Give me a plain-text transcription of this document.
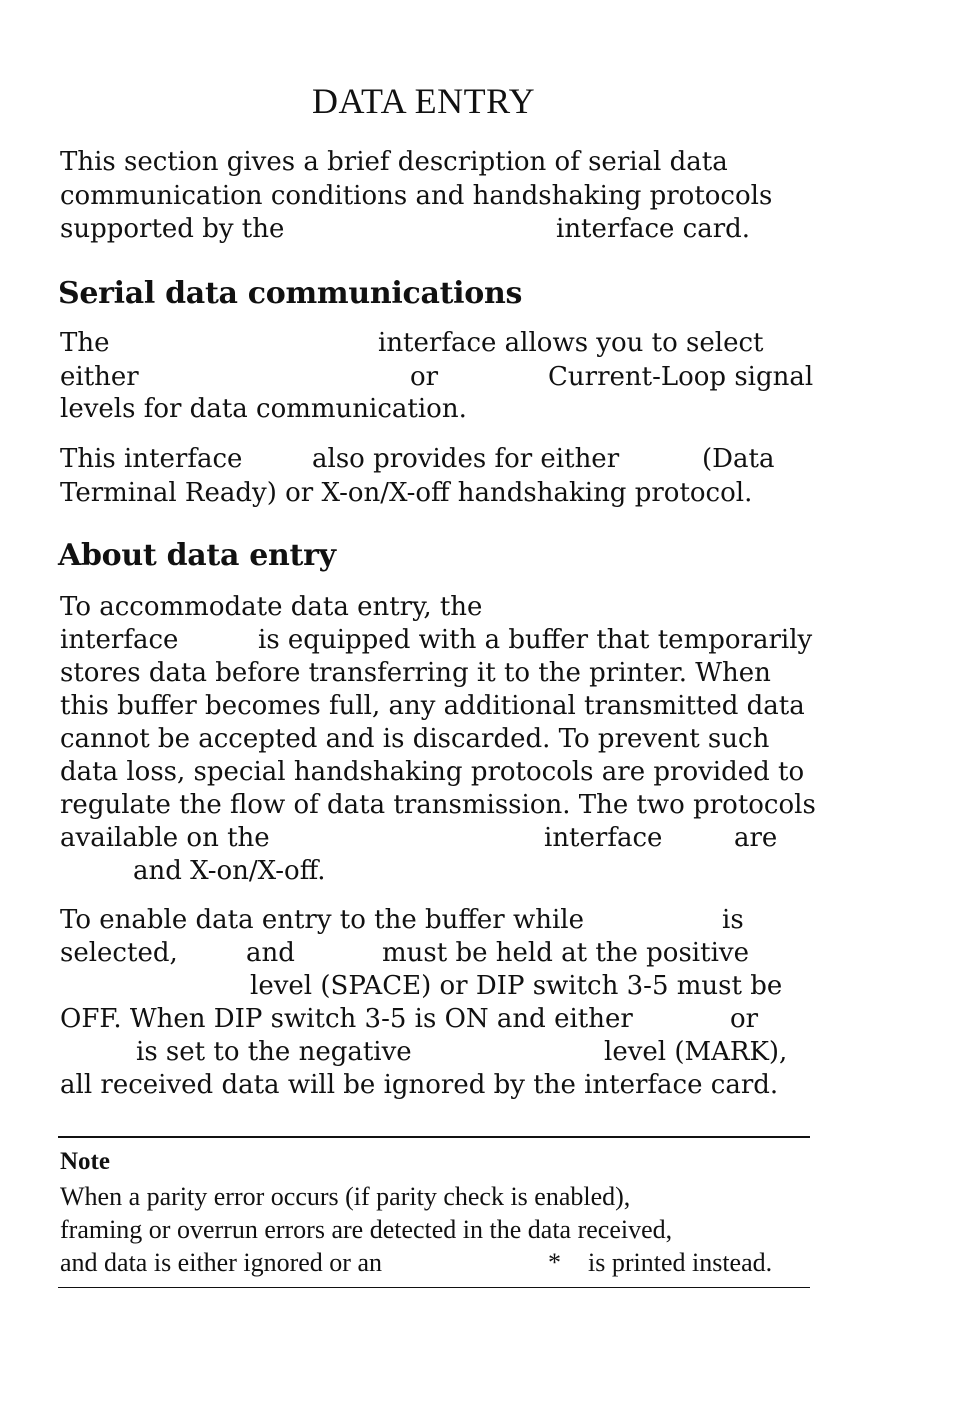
DATA ENTRY
This section gives a brief description of serial data
communication conditions and handshaking protocols

supported by the

	interface card.

Serial data communications

The

	interface allows you to select

either

	or

	Current-Loop signal

levels for data communication.

This interface

	also provides for either

	(Data

Terminal Ready) or X-on/X-off handshaking protocol.
About data entry
To accommodate data entry, the

interface

	is equipped with a buffer that temporarily

stores data before transferring it to the printer. When
this buffer becomes full, any additional transmitted data
cannot be accepted and is discarded. To prevent such
data loss, special handshaking protocols are provided to
regulate the flow of data transmission. The two protocols

available on the

	interface

	are

and X-on/X-off.

To enable data entry to the buffer while

	is

selected,

	and

	must be held at the positive

level (SPACE) or DIP switch 3-5 must be

OFF. When DIP switch 3-5 is ON and either

	or

is set to the negative

	level (MARK),

all received data will be ignored by the interface card.
Note
When a parity error occurs (if parity check is enabled),
framing or overrun errors are detected in the data received,

and data is either ignored or an

	*

is printed instead.
